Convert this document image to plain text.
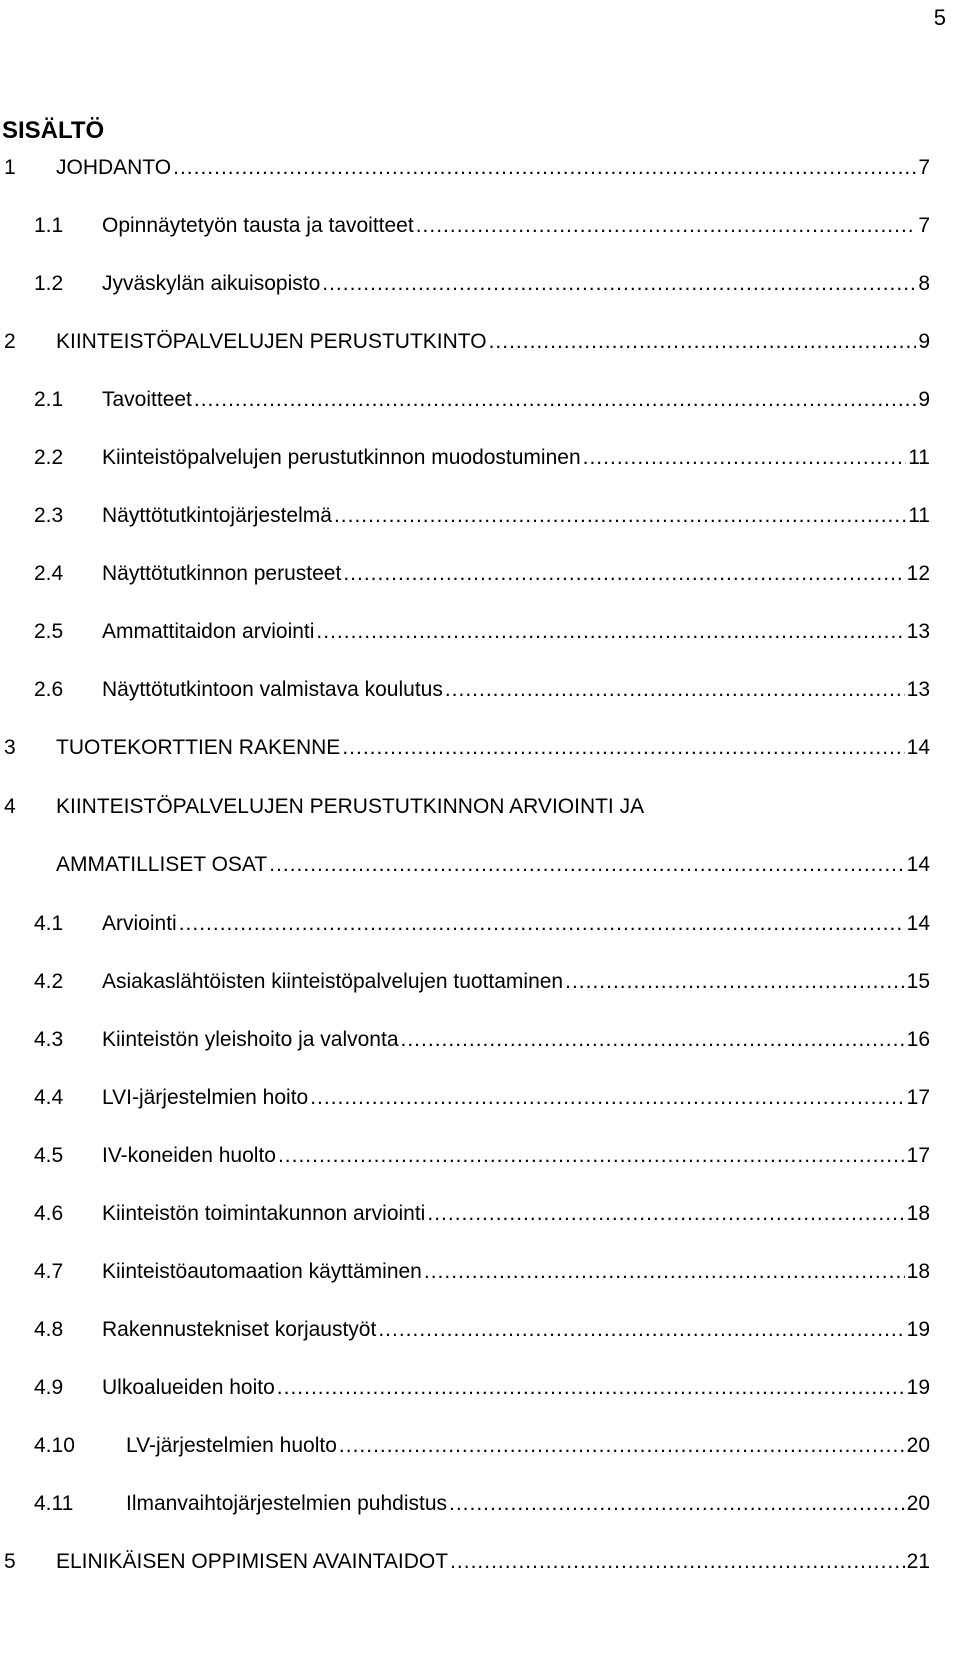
5
SISÄLTÖ
1	JOHDANTO .....	7
1.1	Opinnäytetyön tausta ja tavoitteet .....	7
1.2	Jyväskylän aikuisopisto .....	8
2	KIINTEISTÖPALVELUJEN PERUSTUTKINTO .....	9
2.1	Tavoitteet .....	9
2.2	Kiinteistöpalvelujen perustutkinnon muodostuminen .....	11
2.3	Näyttötutkintojärjestelmä .....	11
2.4	Näyttötutkinnon perusteet .....	12
2.5	Ammattitaidon arviointi .....	13
2.6	Näyttötutkintoon valmistava koulutus .....	13
3	TUOTEKORTTIEN RAKENNE .....	14
4	KIINTEISTÖPALVELUJEN PERUSTUTKINNON ARVIOINTI JA
AMMATILLISET OSAT .....	14
4.1	Arviointi .....	14
4.2	Asiakaslähtöisten kiinteistöpalvelujen tuottaminen .....	15
4.3	Kiinteistön yleishoito ja valvonta .....	16
4.4	LVI-järjestelmien hoito .....	17
4.5	IV-koneiden huolto .....	17
4.6	Kiinteistön toimintakunnon arviointi .....	18
4.7	Kiinteistöautomaation käyttäminen .....	18
4.8	Rakennustekniset korjaustyöt .....	19
4.9	Ulkoalueiden hoito .....	19
4.10	LV-järjestelmien huolto .....	20
4.11	Ilmanvaihtojärjestelmien puhdistus .....	20
5	ELINIKÄISEN OPPIMISEN AVAINTAIDOT .....	21
